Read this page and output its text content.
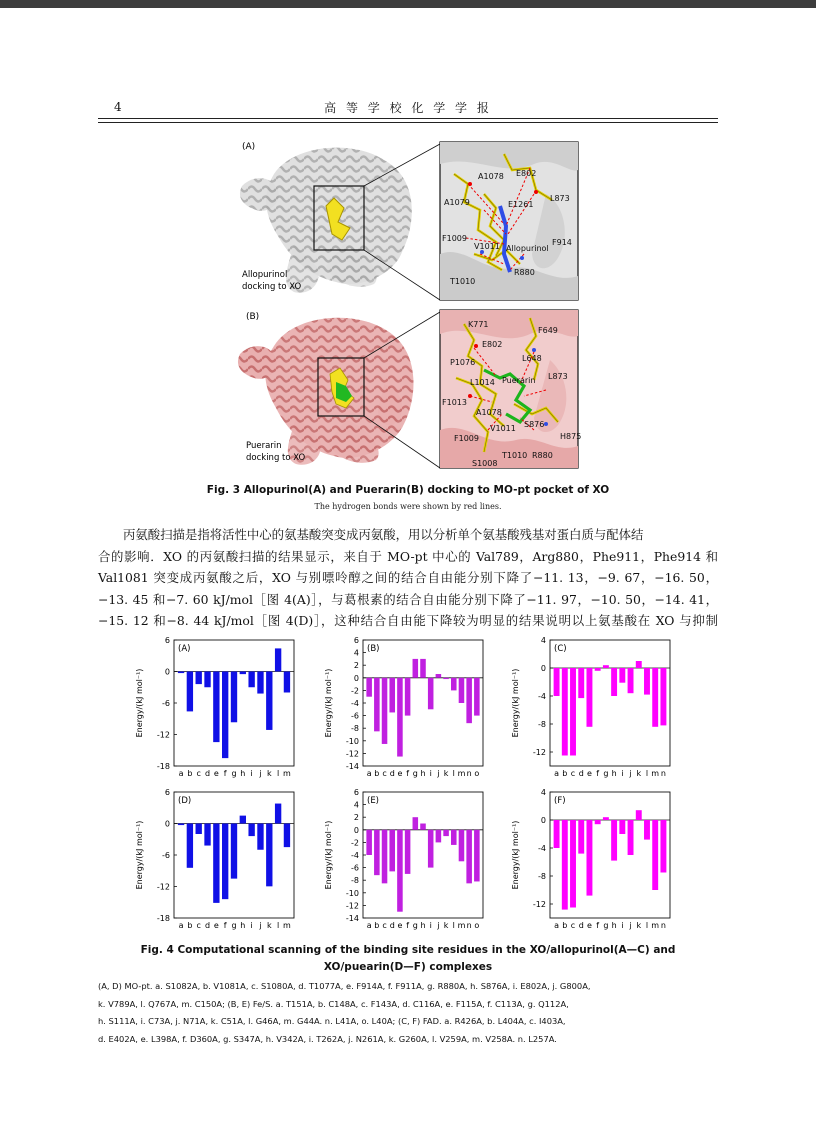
4	高 等 学 校 化 学 学 报
(A)
Allopurinol
docking to XO
A1078 E802
A1079	E1261
L873
F1009
V1011 Allopurinol
F914
R880
T1010
(B)
Puerarin
docking to XO
K771
F649
E802
P1076	L648
L1014 Puerarin L873
F1013
A1078
S876
V1011
F1009	H875
S1008
T1010 R880
Fig. 3 Allopurinol(A) and Puerarin(B) docking to MO-pt pocket of XO
The hydrogen bonds were shown by red lines.

丙氨酸扫描是指将活性中心的氨基酸突变成丙氨酸，用以分析单个氨基酸残基对蛋白质与配体结

合的影响．XO 的丙氨酸扫描的结果显示，来自于 MO-pt 中心的 Val789，Arg880，Phe911，Phe914 和
Val1081 突变成丙氨酸之后，XO 与别嘌呤醇之间的结合自由能分别下降了−11. 13，−9. 67，−16. 50，
−13. 45 和−7. 60 kJ/mol［图 4(A)］，与葛根素的结合自由能分别下降了−11. 97，−10. 50，−14. 41，
−15. 12 和−8. 44 kJ/mol［图 4(D)］，这种结合自由能下降较为明显的结果说明以上氨基酸在 XO 与抑制
-18
-12
-6
0
6
a b c d e f g h i j k l m
(A)
Energy/(kJ mol⁻¹)
-14
-12
-10
-8
-6
-4
-2
0
2
4
6
a b c d e f g h i j k l m n o
(B)
Energy/(kJ mol⁻¹)
-12
-8
-4
0
4
a b c d e f g h i j k l m n
(C)
Energy/(kJ mol⁻¹)
-18
-12
-6
0
6
a b c d e f g h i j k l m
(D)
Energy/(kJ mol⁻¹)
-14
-12
-10
-8
-6
-4
-2
0
2
4
6
a b c d e f g h i j k l m n o
(E)
Energy/(kJ mol⁻¹)
-12
-8
-4
0
4
a b c d e f g h i j k l m n
(F)
Energy/(kJ mol⁻¹)
Fig. 4 Computational scanning of the binding site residues in the XO/allopurinol(A—C) and
XO/puearin(D—F) complexes
(A, D) MO-pt. a. S1082A, b. V1081A, c. S1080A, d. T1077A, e. F914A, f. F911A, g. R880A, h. S876A, i. E802A, j. G800A,
k. V789A, l. Q767A, m. C150A; (B, E) Fe/S. a. T151A, b. C148A, c. F143A, d. C116A, e. F115A, f. C113A, g. Q112A,
h. S111A, i. C73A, j. N71A, k. C51A, l. G46A, m. G44A. n. L41A, o. L40A; (C, F) FAD. a. R426A, b. L404A, c. I403A,
d. E402A, e. L398A, f. D360A, g. S347A, h. V342A, i. T262A, j. N261A, k. G260A, l. V259A, m. V258A. n. L257A.
